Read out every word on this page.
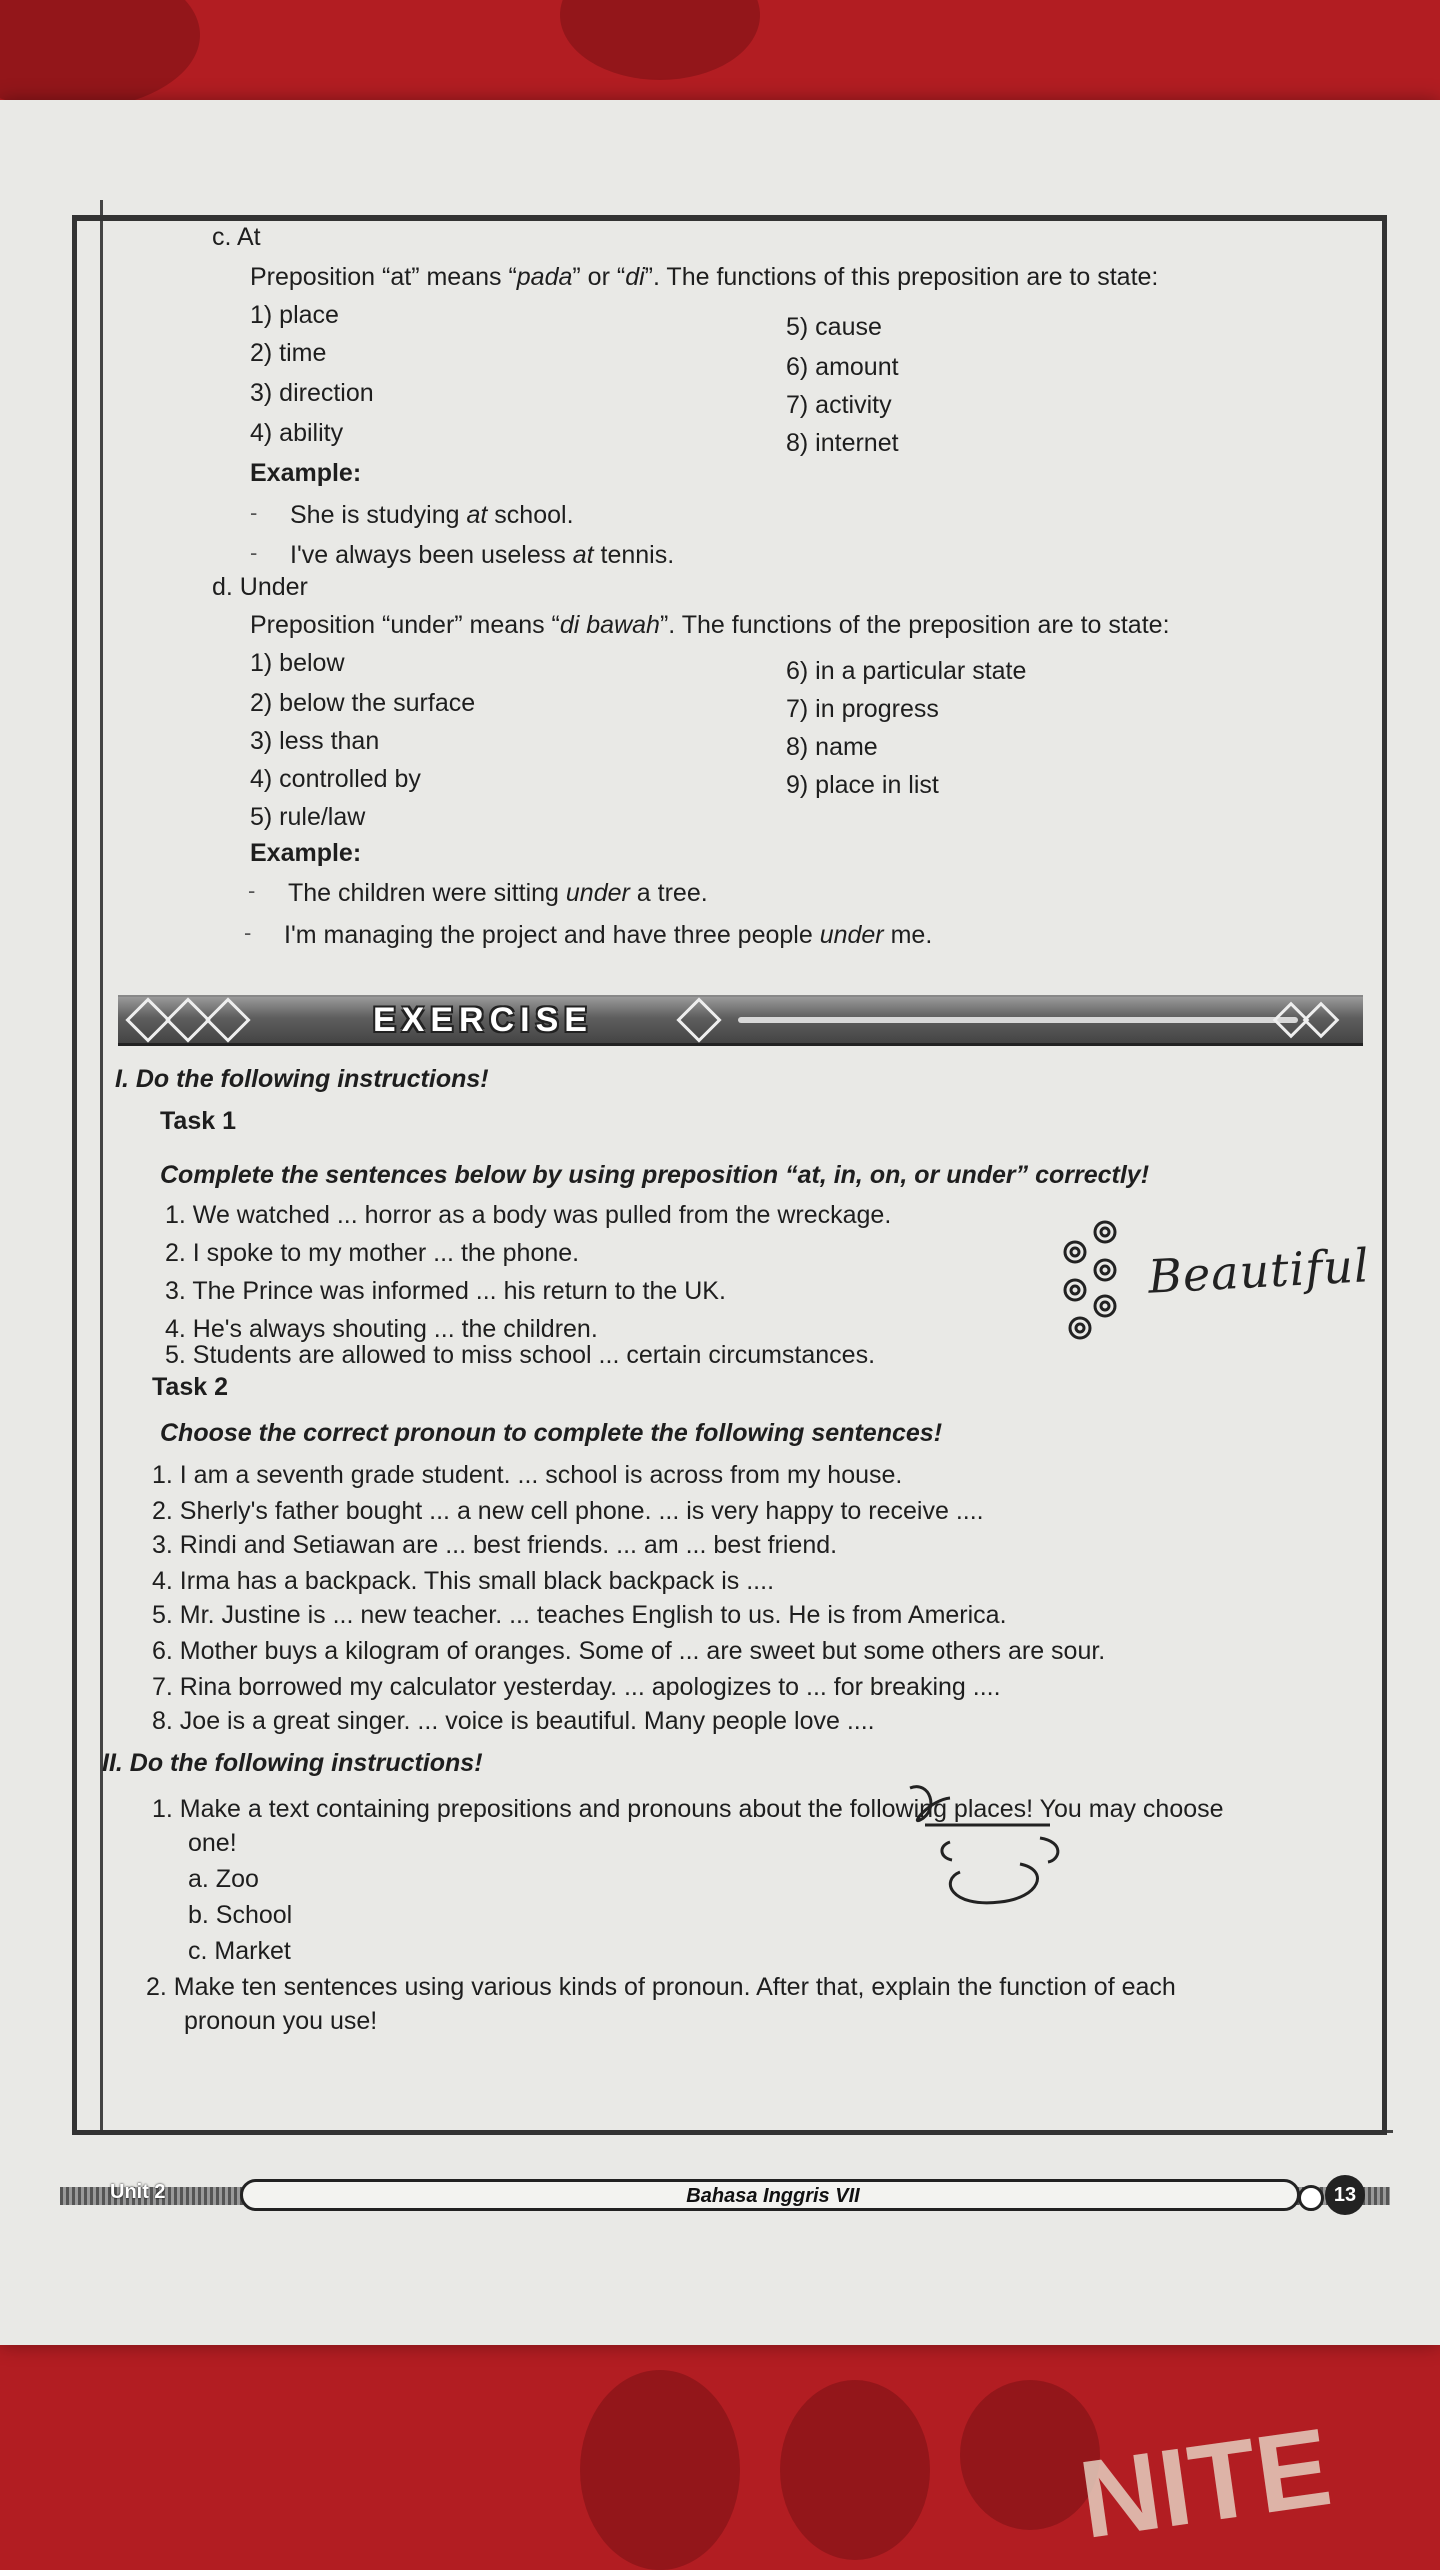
NITE
c. At
Preposition “at” means “pada” or “di”. The functions of this preposition are to state:
1) place
2) time
3) direction
4) ability
5) cause
6) amount
7) activity
8) internet
Example:
- She is studying at school.
- I've always been useless at tennis.
d. Under
Preposition “under” means “di bawah”. The functions of the preposition are to state:
1) below
2) below the surface
3) less than
4) controlled by
5) rule/law
6) in a particular state
7) in progress
8) name
9) place in list
Example:
- The children were sitting under a tree.
- I'm managing the project and have three people under me.
EXERCISE
I. Do the following instructions!
Task 1
Complete the sentences below by using preposition “at, in, on, or under” correctly!
1. We watched ... horror as a body was pulled from the wreckage.
2. I spoke to my mother ... the phone.
3. The Prince was informed ... his return to the UK.
4. He's always shouting ... the children.
5. Students are allowed to miss school ... certain circumstances.
Task 2
Choose the correct pronoun to complete the following sentences!
1. I am a seventh grade student. ... school is across from my house.
2. Sherly's father bought ... a new cell phone. ... is very happy to receive ....
3. Rindi and Setiawan are ... best friends. ... am ... best friend.
4. Irma has a backpack. This small black backpack is ....
5. Mr. Justine is ... new teacher. ... teaches English to us. He is from America.
6. Mother buys a kilogram of oranges. Some of ... are sweet but some others are sour.
7. Rina borrowed my calculator yesterday. ... apologizes to ... for breaking ....
8. Joe is a great singer. ... voice is beautiful. Many people love ....
II. Do the following instructions!
1. Make a text containing prepositions and pronouns about the following places! You may choose
one!
a. Zoo
b. School
c. Market
2. Make ten sentences using various kinds of pronoun. After that, explain the function of each
pronoun you use!
Beautiful
Unit 2	Bahasa Inggris VII	13
